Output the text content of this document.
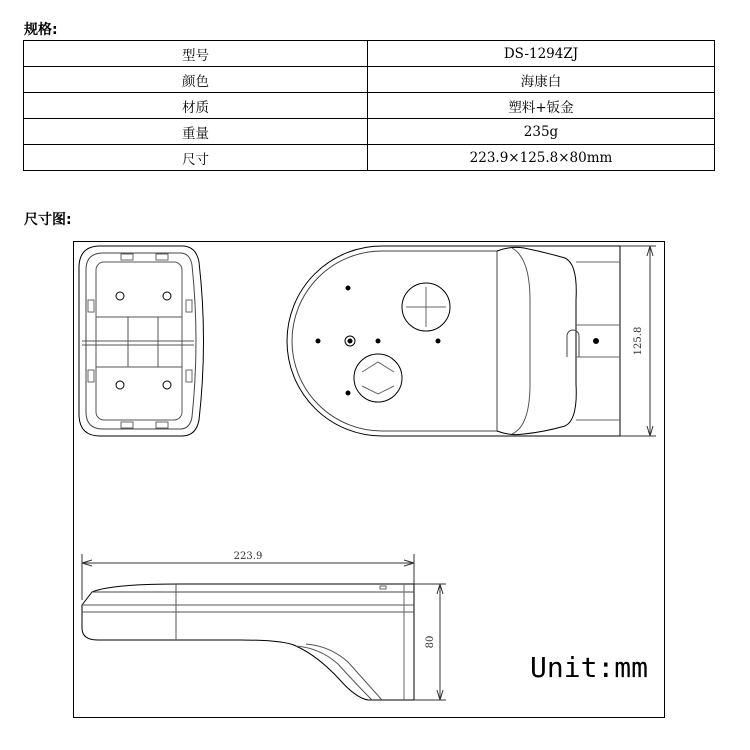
规格:
型号	DS-1294ZJ
颜色	海康白
材质	塑料+钣金
重量	235g
尺寸	223.9×125.8×80mm
尺寸图:
125.8
223.9
80
Unit:mm
